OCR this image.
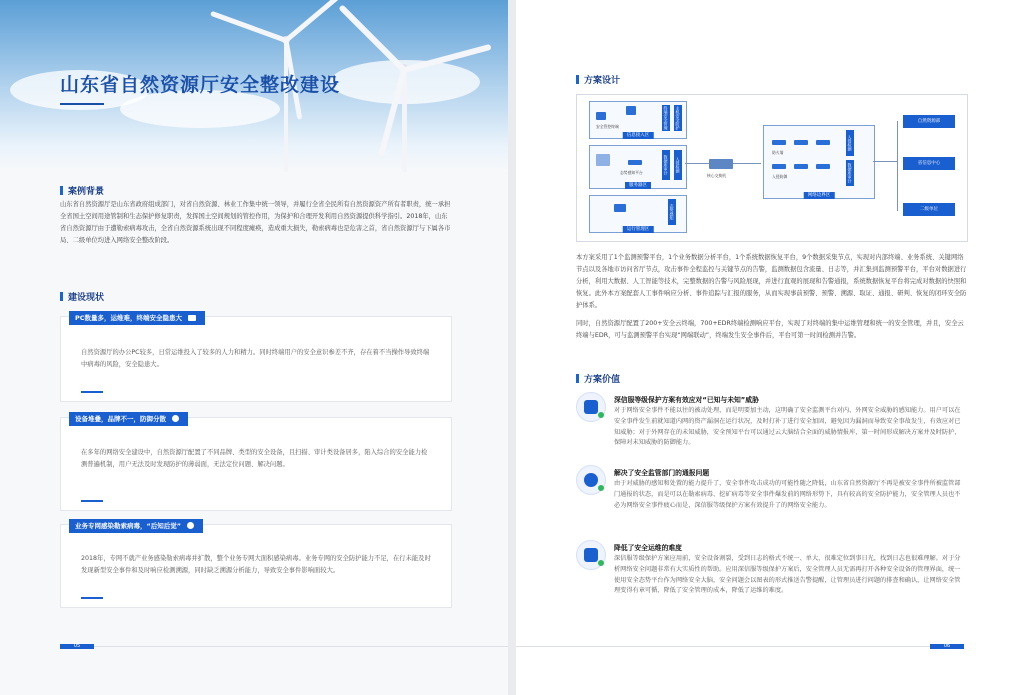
山东省自然资源厅安全整改建设
案例背景
山东省自然资源厅是山东省政府组成部门，对省自然资源、林业工作集中统一领导，并履行全省全民所有自然资源资产所有者职责，统一承担全省国土空间用途管制和生态保护修复职责，发挥国土空间规划的管控作用，为保护和合理开发利用自然资源提供科学指引。2018年，山东省自然资源厅由于遭勒索病毒攻击，全省自然资源系统出现不同程度瘫痪，造成重大损失，勒索病毒也是危害之首，省自然资源厅与下属各市局、二级单位均进入网络安全整改阶段。
建设现状
PC数量多，运维难，终端安全隐患大
自然资源厅的办公PC较多，日常运维投入了较多的人力和精力。同时终端用户的安全意识参差不齐，存在着不当操作导致终端中病毒的风险，安全隐患大。
设备堆叠，品牌不一，防御分散
在多年的网络安全建设中，自然资源厅配置了不同品牌、类型的安全设备，且扫描、审计类设备居多，陷入综合的安全能力检测普遍机制，用户无法及时发现防护的薄弱面，无法定位问题、解决问题。
业务专网感染勒索病毒，“后知后觉”
2018年，专网不就产业务感染勒索病毒并扩散，整个业务专网大面积感染病毒。业务专网的安全防护能力不足，在行未能及时发现新型安全事件和及时响应检测溯源，同时缺乏溯源分析能力，导致安全事件影响面较大。
05
方案设计
安全管控终端	终端安全管理	主机安全防护
信息接入区
态势感知平台	数据库审计	入侵检测
服务器区
态势感知
运行管理区
核心交换机
防火墙
入侵防御
入侵检测
数据库审计
网络边界区
自然资源部
省信息中心
二级单位
本方案采用了1个监测预警平台，1个业务数据分析平台，1个系统数据恢复平台，9个数据采集节点，实现对内部终端、业务系统、关键网络节点以及各地市访问省厅节点，攻击事件全程监控与关键节点的告警，监测数据包含流量、日志等，并汇集到监测预警平台，平台对数据进行分析，利用大数据、人工智能等技术，完整数据的告警与风险展现，并进行直观的展现和告警通报，系统数据恢复平台将完成对数据的快照和恢复。此外本方案配套人工事件响应分析、事件追踪与汇报的服务，从而实现事前预警、预警、溯源、取证、通报、研判、恢复的闭环安全防护体系。
同时，自然资源厅配置了200+安全云终端，700+EDR终端检测响应平台，实现了对终端的集中运维管理和统一的安全管理，并且，安全云终端与EDR，可与监测预警平台实现“网端联动”，终端发生安全事件后，平台可第一时间检测并告警。
方案价值
深信服等级保护方案有效应对“已知与未知”威胁
对于网络安全事件不能以往的被动处理，而是明要加主动，这明确了安全监测平台对内、外网安全威胁的感知能力。用户可以在安全事件发生前就知道内网的资产漏洞在运行状况，及时打补丁进行安全加固，避免因为漏洞而导致安全事故发生，有效应对已知威胁；对于外网存在的未知威胁，安全预知平台可以通过云大脑结合全面的威胁情报库，第一时间形成解决方案并及时防护，保障对未知威胁的防御能力。
解决了安全监管部门的通报问题
由于对威胁的感知和处置的能力提升了，安全事件攻击成功的可能性随之降低，山东省自然资源厅不再是被安全事件所被监管部门通报的状态，而是可以在勒索病毒、挖矿病毒等安全事件爆发前的网络形势下，具有较高的安全防护能力，安全管理人员也不必为网络安全事件疲心而是，深信服等级保护方案有效提升了的网络安全能力。
降低了安全运维的难度
深信服等级保护方案应用前，安全设备割裂，受到日志的格式不统一、单大，很难定位到事日光，找到日志也很难理解。对于分析网络安全问题非常有大实质性的帮助。应用深信服等级保护方案后，安全管理人员无需再打开各种安全设备的管理界面，统一使用安全态势平台作为网络安全大脑，安全问题会以图表的形式推送告警提醒，让管理员进行问题的排查和确认，让网络安全管理变得有章可循，降低了安全管理的成本，降低了运维的难度。
06
